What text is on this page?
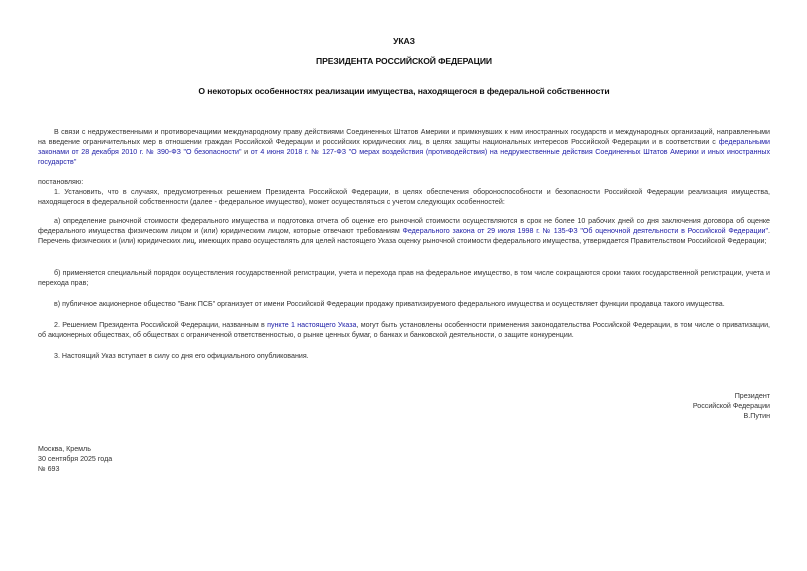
УКАЗ
ПРЕЗИДЕНТА РОССИЙСКОЙ ФЕДЕРАЦИИ
О некоторых особенностях реализации имущества, находящегося в федеральной собственности

В связи с недружественными и противоречащими международному праву действиями Соединенных Штатов Америки и примкнувших к ним иностранных государств и международных организаций, направленными на введение ограничительных мер в отношении граждан Российской Федерации и российских юридических лиц, в целях защиты национальных интересов Российской Федерации и в соответствии с федеральными законами от 28 декабря 2010 г. № 390-ФЗ "О безопасности" и от 4 июня 2018 г. № 127-ФЗ "О мерах воздействия (противодействия) на недружественные действия Соединенных Штатов Америки и иных иностранных государств"

постановляю:

1. Установить, что в случаях, предусмотренных решением Президента Российской Федерации, в целях обеспечения обороноспособности и безопасности Российской Федерации реализация имущества, находящегося в федеральной собственности (далее - федеральное имущество), может осуществляться с учетом следующих особенностей:

а) определение рыночной стоимости федерального имущества и подготовка отчета об оценке его рыночной стоимости осуществляются в срок не более 10 рабочих дней со дня заключения договора об оценке федерального имущества физическим лицом и (или) юридическим лицом, которые отвечают требованиям Федерального закона от 29 июля 1998 г. № 135-ФЗ "Об оценочной деятельности в Российской Федерации". Перечень физических и (или) юридических лиц, имеющих право осуществлять для целей настоящего Указа оценку рыночной стоимости федерального имущества, утверждается Правительством Российской Федерации;

б) применяется специальный порядок осуществления государственной регистрации, учета и перехода прав на федеральное имущество, в том числе сокращаются сроки таких государственной регистрации, учета и перехода прав;

в) публичное акционерное общество "Банк ПСБ" организует от имени Российской Федерации продажу приватизируемого федерального имущества и осуществляет функции продавца такого имущества.

2. Решением Президента Российской Федерации, названным в пункте 1 настоящего Указа, могут быть установлены особенности применения законодательства Российской Федерации, в том числе о приватизации, об акционерных обществах, об обществах с ограниченной ответственностью, о рынке ценных бумаг, о банках и банковской деятельности, о защите конкуренции.

3. Настоящий Указ вступает в силу со дня его официального опубликования.

Президент
Российской Федерации
В.Путин
Москва, Кремль
30 сентября 2025 года
№ 693
